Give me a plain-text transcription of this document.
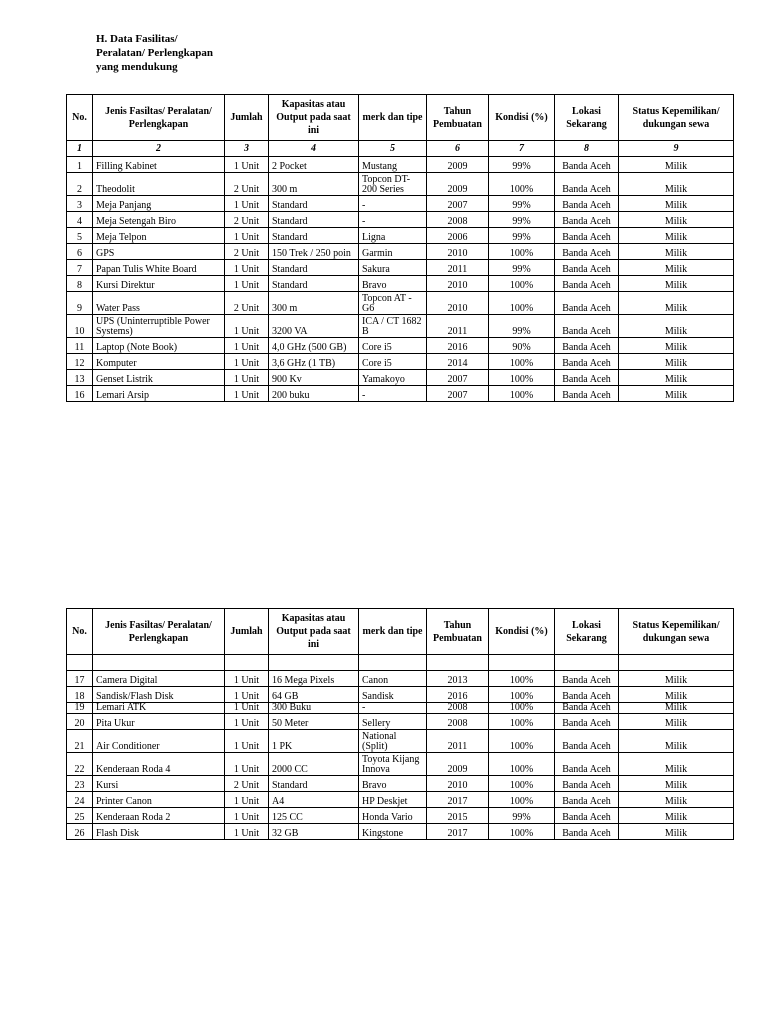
H. Data Fasilitas/
Peralatan/ Perlengkapan
yang mendukung
No.	Jenis Fasiltas/ Peralatan/ Perlengkapan	Jumlah	Kapasitas atau Output pada saat ini	merk dan tipe	Tahun Pembuatan	Kondisi (%)	Lokasi Sekarang	Status Kepemilikan/ dukungan sewa
1	2	3	4	5	6	7	8	9
1	Filling Kabinet	1 Unit	2 Pocket	Mustang	2009	99%	Banda Aceh	Milik
2	Theodolit	2 Unit	300 m	Topcon DT-200 Series	2009	100%	Banda Aceh	Milik
3	Meja Panjang	1 Unit	Standard	-	2007	99%	Banda Aceh	Milik
4	Meja Setengah Biro	2 Unit	Standard	-	2008	99%	Banda Aceh	Milik
5	Meja Telpon	1 Unit	Standard	Ligna	2006	99%	Banda Aceh	Milik
6	GPS	2 Unit	150 Trek / 250 poin	Garmin	2010	100%	Banda Aceh	Milik
7	Papan Tulis White Board	1 Unit	Standard	Sakura	2011	99%	Banda Aceh	Milik
8	Kursi Direktur	1 Unit	Standard	Bravo	2010	100%	Banda Aceh	Milik
9	Water Pass	2 Unit	300 m	Topcon AT - G6	2010	100%	Banda Aceh	Milik
10	UPS (Uninterruptible Power Systems)	1 Unit	3200 VA	ICA / CT 1682 B	2011	99%	Banda Aceh	Milik
11	Laptop (Note Book)	1 Unit	4,0 GHz (500 GB)	Core i5	2016	90%	Banda Aceh	Milik
12	Komputer	1 Unit	3,6 GHz (1 TB)	Core i5	2014	100%	Banda Aceh	Milik
13	Genset Listrik	1 Unit	900 Kv	Yamakoyo	2007	100%	Banda Aceh	Milik
16	Lemari Arsip	1 Unit	200 buku	-	2007	100%	Banda Aceh	Milik
No.	Jenis Fasiltas/ Peralatan/ Perlengkapan	Jumlah	Kapasitas atau Output pada saat ini	merk dan tipe	Tahun Pembuatan	Kondisi (%)	Lokasi Sekarang	Status Kepemilikan/ dukungan sewa

17	Camera Digital	1 Unit	16 Mega Pixels	Canon	2013	100%	Banda Aceh	Milik
18	Sandisk/Flash Disk	1 Unit	64 GB	Sandisk	2016	100%	Banda Aceh	Milik
19	Lemari ATK	1 Unit	300 Buku	-	2008	100%	Banda Aceh	Milik
20	Pita Ukur	1 Unit	50 Meter	Sellery	2008	100%	Banda Aceh	Milik
21	Air Conditioner	1 Unit	1 PK	National (Split)	2011	100%	Banda Aceh	Milik
22	Kenderaan Roda 4	1 Unit	2000 CC	Toyota Kijang Innova	2009	100%	Banda Aceh	Milik
23	Kursi	2 Unit	Standard	Bravo	2010	100%	Banda Aceh	Milik
24	Printer Canon	1 Unit	A4	HP Deskjet	2017	100%	Banda Aceh	Milik
25	Kenderaan Roda 2	1 Unit	125 CC	Honda Vario	2015	99%	Banda Aceh	Milik
26	Flash Disk	1 Unit	32 GB	Kingstone	2017	100%	Banda Aceh	Milik
